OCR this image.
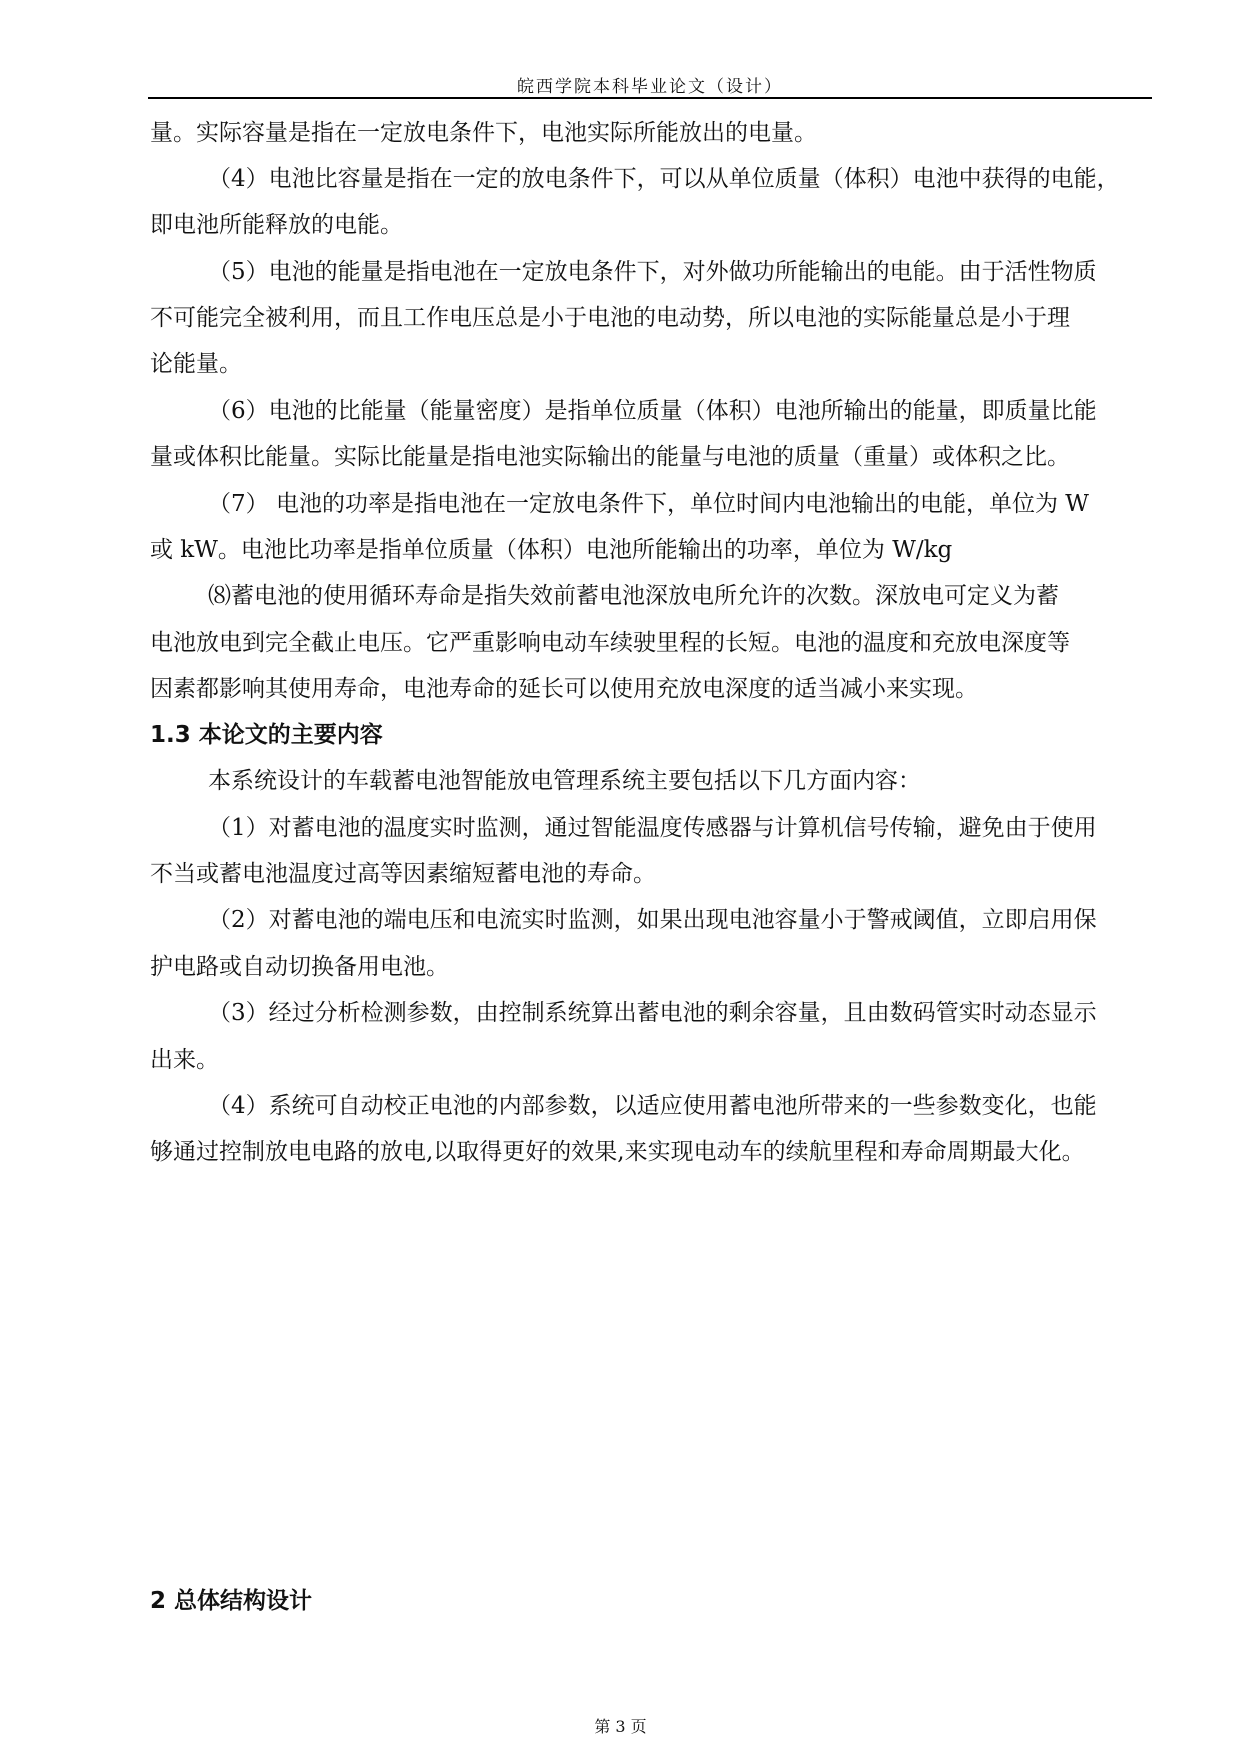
皖西学院本科毕业论文（设计）
量。实际容量是指在一定放电条件下，电池实际所能放出的电量。
（4）电池比容量是指在一定的放电条件下，可以从单位质量（体积）电池中获得的电能，
即电池所能释放的电能。
（5）电池的能量是指电池在一定放电条件下，对外做功所能输出的电能。由于活性物质
不可能完全被利用，而且工作电压总是小于电池的电动势，所以电池的实际能量总是小于理
论能量。
（6）电池的比能量（能量密度）是指单位质量（体积）电池所输出的能量，即质量比能
量或体积比能量。实际比能量是指电池实际输出的能量与电池的质量（重量）或体积之比。
（7） 电池的功率是指电池在一定放电条件下，单位时间内电池输出的电能，单位为 W
或 kW。电池比功率是指单位质量（体积）电池所能输出的功率，单位为 W/kg
⑻蓄电池的使用循环寿命是指失效前蓄电池深放电所允许的次数。深放电可定义为蓄
电池放电到完全截止电压。它严重影响电动车续驶里程的长短。电池的温度和充放电深度等
因素都影响其使用寿命，电池寿命的延长可以使用充放电深度的适当减小来实现。
1.3 本论文的主要内容
本系统设计的车载蓄电池智能放电管理系统主要包括以下几方面内容：
（1）对蓄电池的温度实时监测，通过智能温度传感器与计算机信号传输，避免由于使用
不当或蓄电池温度过高等因素缩短蓄电池的寿命。
（2）对蓄电池的端电压和电流实时监测，如果出现电池容量小于警戒阈值，立即启用保
护电路或自动切换备用电池。
（3）经过分析检测参数，由控制系统算出蓄电池的剩余容量，且由数码管实时动态显示
出来。
（4）系统可自动校正电池的内部参数，以适应使用蓄电池所带来的一些参数变化，也能
够通过控制放电电路的放电,以取得更好的效果,来实现电动车的续航里程和寿命周期最大化。
2 总体结构设计
第 3 页
